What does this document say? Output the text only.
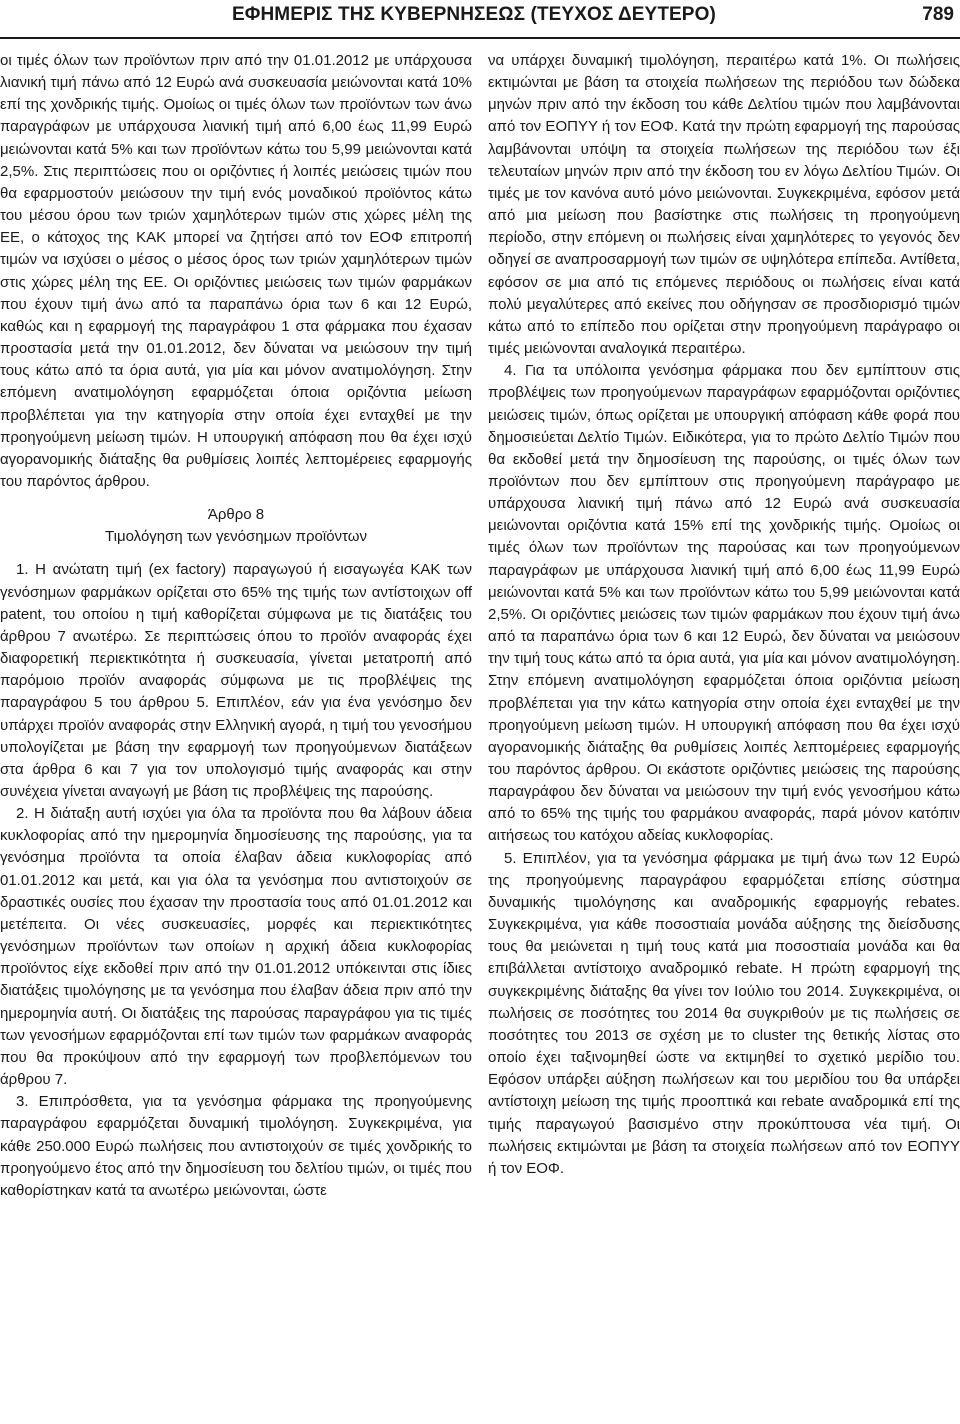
ΕΦΗΜΕΡΙΣ ΤΗΣ ΚΥΒΕΡΝΗΣΕΩΣ (ΤΕΥΧΟΣ ΔΕΥΤΕΡΟ)	789

οι τιμές όλων των προϊόντων πριν από την 01.01.2012 με υπάρχουσα λιανική τιμή πάνω από 12 Ευρώ ανά συσκευασία μειώνονται κατά 10% επί της χονδρικής τιμής. Ομοίως οι τιμές όλων των προϊόντων των άνω παραγράφων με υπάρχουσα λιανική τιμή από 6,00 έως 11,99 Ευρώ μειώνονται κατά 5% και των προϊόντων κάτω του 5,99 μειώνονται κατά 2,5%. Στις περιπτώσεις που οι οριζόντιες ή λοιπές μειώσεις τιμών που θα εφαρμοστούν μειώσουν την τιμή ενός μοναδικού προϊόντος κάτω του μέσου όρου των τριών χαμηλότερων τιμών στις χώρες μέλη της ΕΕ, ο κάτοχος της ΚΑΚ μπορεί να ζητήσει από τον ΕΟΦ επιτροπή τιμών να ισχύσει ο μέσος ο μέσος όρος των τριών χαμηλότερων τιμών στις χώρες μέλη της ΕΕ. Οι οριζόντιες μειώσεις των τιμών φαρμάκων που έχουν τιμή άνω από τα παραπάνω όρια των 6 και 12 Ευρώ, καθώς και η εφαρμογή της παραγράφου 1 στα φάρμακα που έχασαν προστασία μετά την 01.01.2012, δεν δύναται να μειώσουν την τιμή τους κάτω από τα όρια αυτά, για μία και μόνον ανατιμολόγηση. Στην επόμενη ανατιμολόγηση εφαρμόζεται όποια οριζόντια μείωση προβλέπεται για την κατηγορία στην οποία έχει ενταχθεί με την προηγούμενη μείωση τιμών. Η υπουργική απόφαση που θα έχει ισχύ αγορανομικής διάταξης θα ρυθμίσεις λοιπές λεπτομέρειες εφαρμογής του παρόντος άρθρου.

Άρθρο 8

Τιμολόγηση των γενόσημων προϊόντων

1. Η ανώτατη τιμή (ex factory) παραγωγού ή εισαγωγέα ΚΑΚ των γενόσημων φαρμάκων ορίζεται στο 65% της τιμής των αντίστοιχων off patent, του οποίου η τιμή καθορίζεται σύμφωνα με τις διατάξεις του άρθρου 7 ανωτέρω. Σε περιπτώσεις όπου το προϊόν αναφοράς έχει διαφορετική περιεκτικότητα ή συσκευασία, γίνεται μετατροπή από παρόμοιο προϊόν αναφοράς σύμφωνα με τις προβλέψεις της παραγράφου 5 του άρθρου 5. Επιπλέον, εάν για ένα γενόσημο δεν υπάρχει προϊόν αναφοράς στην Ελληνική αγορά, η τιμή του γενοσήμου υπολογίζεται με βάση την εφαρμογή των προηγούμενων διατάξεων στα άρθρα 6 και 7 για τον υπολογισμό τιμής αναφοράς και στην συνέχεια γίνεται αναγωγή με βάση τις προβλέψεις της παρούσης.

2. Η διάταξη αυτή ισχύει για όλα τα προϊόντα που θα λάβουν άδεια κυκλοφορίας από την ημερομηνία δημοσίευσης της παρούσης, για τα γενόσημα προϊόντα τα οποία έλαβαν άδεια κυκλοφορίας από 01.01.2012 και μετά, και για όλα τα γενόσημα που αντιστοιχούν σε δραστικές ουσίες που έχασαν την προστασία τους από 01.01.2012 και μετέπειτα. Οι νέες συσκευασίες, μορφές και περιεκτικότητες γενόσημων προϊόντων των οποίων η αρχική άδεια κυκλοφορίας προϊόντος είχε εκδοθεί πριν από την 01.01.2012 υπόκεινται στις ίδιες διατάξεις τιμολόγησης με τα γενόσημα που έλαβαν άδεια πριν από την ημερομηνία αυτή. Οι διατάξεις της παρούσας παραγράφου για τις τιμές των γενοσήμων εφαρμόζονται επί των τιμών των φαρμάκων αναφοράς που θα προκύψουν από την εφαρμογή των προβλεπόμενων του άρθρου 7.

3. Επιπρόσθετα, για τα γενόσημα φάρμακα της προηγούμενης παραγράφου εφαρμόζεται δυναμική τιμολόγηση. Συγκεκριμένα, για κάθε 250.000 Ευρώ πωλήσεις που αντιστοιχούν σε τιμές χονδρικής το προηγούμενο έτος από την δημοσίευση του δελτίου τιμών, οι τιμές που καθορίστηκαν κατά τα ανωτέρω μειώνονται, ώστε

να υπάρχει δυναμική τιμολόγηση, περαιτέρω κατά 1%. Οι πωλήσεις εκτιμώνται με βάση τα στοιχεία πωλήσεων της περιόδου των δώδεκα μηνών πριν από την έκδοση του κάθε Δελτίου τιμών που λαμβάνονται από τον ΕΟΠΥΥ ή τον ΕΟΦ. Κατά την πρώτη εφαρμογή της παρούσας λαμβάνονται υπόψη τα στοιχεία πωλήσεων της περιόδου των έξι τελευταίων μηνών πριν από την έκδοση του εν λόγω Δελτίου Τιμών. Οι τιμές με τον κανόνα αυτό μόνο μειώνονται. Συγκεκριμένα, εφόσον μετά από μια μείωση που βασίστηκε στις πωλήσεις τη προηγούμενη περίοδο, στην επόμενη οι πωλήσεις είναι χαμηλότερες το γεγονός δεν οδηγεί σε αναπροσαρμογή των τιμών σε υψηλότερα επίπεδα. Αντίθετα, εφόσον σε μια από τις επόμενες περιόδους οι πωλήσεις είναι κατά πολύ μεγαλύτερες από εκείνες που οδήγησαν σε προσδιορισμό τιμών κάτω από το επίπεδο που ορίζεται στην προηγούμενη παράγραφο οι τιμές μειώνονται αναλογικά περαιτέρω.

4. Για τα υπόλοιπα γενόσημα φάρμακα που δεν εμπίπτουν στις προβλέψεις των προηγούμενων παραγράφων εφαρμόζονται οριζόντιες μειώσεις τιμών, όπως ορίζεται με υπουργική απόφαση κάθε φορά που δημοσιεύεται Δελτίο Τιμών. Ειδικότερα, για το πρώτο Δελτίο Τιμών που θα εκδοθεί μετά την δημοσίευση της παρούσης, οι τιμές όλων των προϊόντων που δεν εμπίπτουν στις προηγούμενη παράγραφο με υπάρχουσα λιανική τιμή πάνω από 12 Ευρώ ανά συσκευασία μειώνονται οριζόντια κατά 15% επί της χονδρικής τιμής. Ομοίως οι τιμές όλων των προϊόντων της παρούσας και των προηγούμενων παραγράφων με υπάρχουσα λιανική τιμή από 6,00 έως 11,99 Ευρώ μειώνονται κατά 5% και των προϊόντων κάτω του 5,99 μειώνονται κατά 2,5%. Οι οριζόντιες μειώσεις των τιμών φαρμάκων που έχουν τιμή άνω από τα παραπάνω όρια των 6 και 12 Ευρώ, δεν δύναται να μειώσουν την τιμή τους κάτω από τα όρια αυτά, για μία και μόνον ανατιμολόγηση. Στην επόμενη ανατιμολόγηση εφαρμόζεται όποια οριζόντια μείωση προβλέπεται για την κάτω κατηγορία στην οποία έχει ενταχθεί με την προηγούμενη μείωση τιμών. Η υπουργική απόφαση που θα έχει ισχύ αγορανομικής διάταξης θα ρυθμίσεις λοιπές λεπτομέρειες εφαρμογής του παρόντος άρθρου. Οι εκάστοτε οριζόντιες μειώσεις της παρούσης παραγράφου δεν δύναται να μειώσουν την τιμή ενός γενοσήμου κάτω από το 65% της τιμής του φαρμάκου αναφοράς, παρά μόνον κατόπιν αιτήσεως του κατόχου αδείας κυκλοφορίας.

5. Επιπλέον, για τα γενόσημα φάρμακα με τιμή άνω των 12 Ευρώ της προηγούμενης παραγράφου εφαρμόζεται επίσης σύστημα δυναμικής τιμολόγησης και αναδρομικής εφαρμογής rebates. Συγκεκριμένα, για κάθε ποσοστιαία μονάδα αύξησης της διείσδυσης τους θα μειώνεται η τιμή τους κατά μια ποσοστιαία μονάδα και θα επιβάλλεται αντίστοιχο αναδρομικό rebate. Η πρώτη εφαρμογή της συγκεκριμένης διάταξης θα γίνει τον Ιούλιο του 2014. Συγκεκριμένα, οι πωλήσεις σε ποσότητες του 2014 θα συγκριθούν με τις πωλήσεις σε ποσότητες του 2013 σε σχέση με το cluster της θετικής λίστας στο οποίο έχει ταξινομηθεί ώστε να εκτιμηθεί το σχετικό μερίδιο του. Εφόσον υπάρξει αύξηση πωλήσεων και του μεριδίου του θα υπάρξει αντίστοιχη μείωση της τιμής προοπτικά και rebate αναδρομικά επί της τιμής παραγωγού βασισμένο στην προκύπτουσα νέα τιμή. Οι πωλήσεις εκτιμώνται με βάση τα στοιχεία πωλήσεων από τον ΕΟΠΥΥ ή τον ΕΟΦ.
